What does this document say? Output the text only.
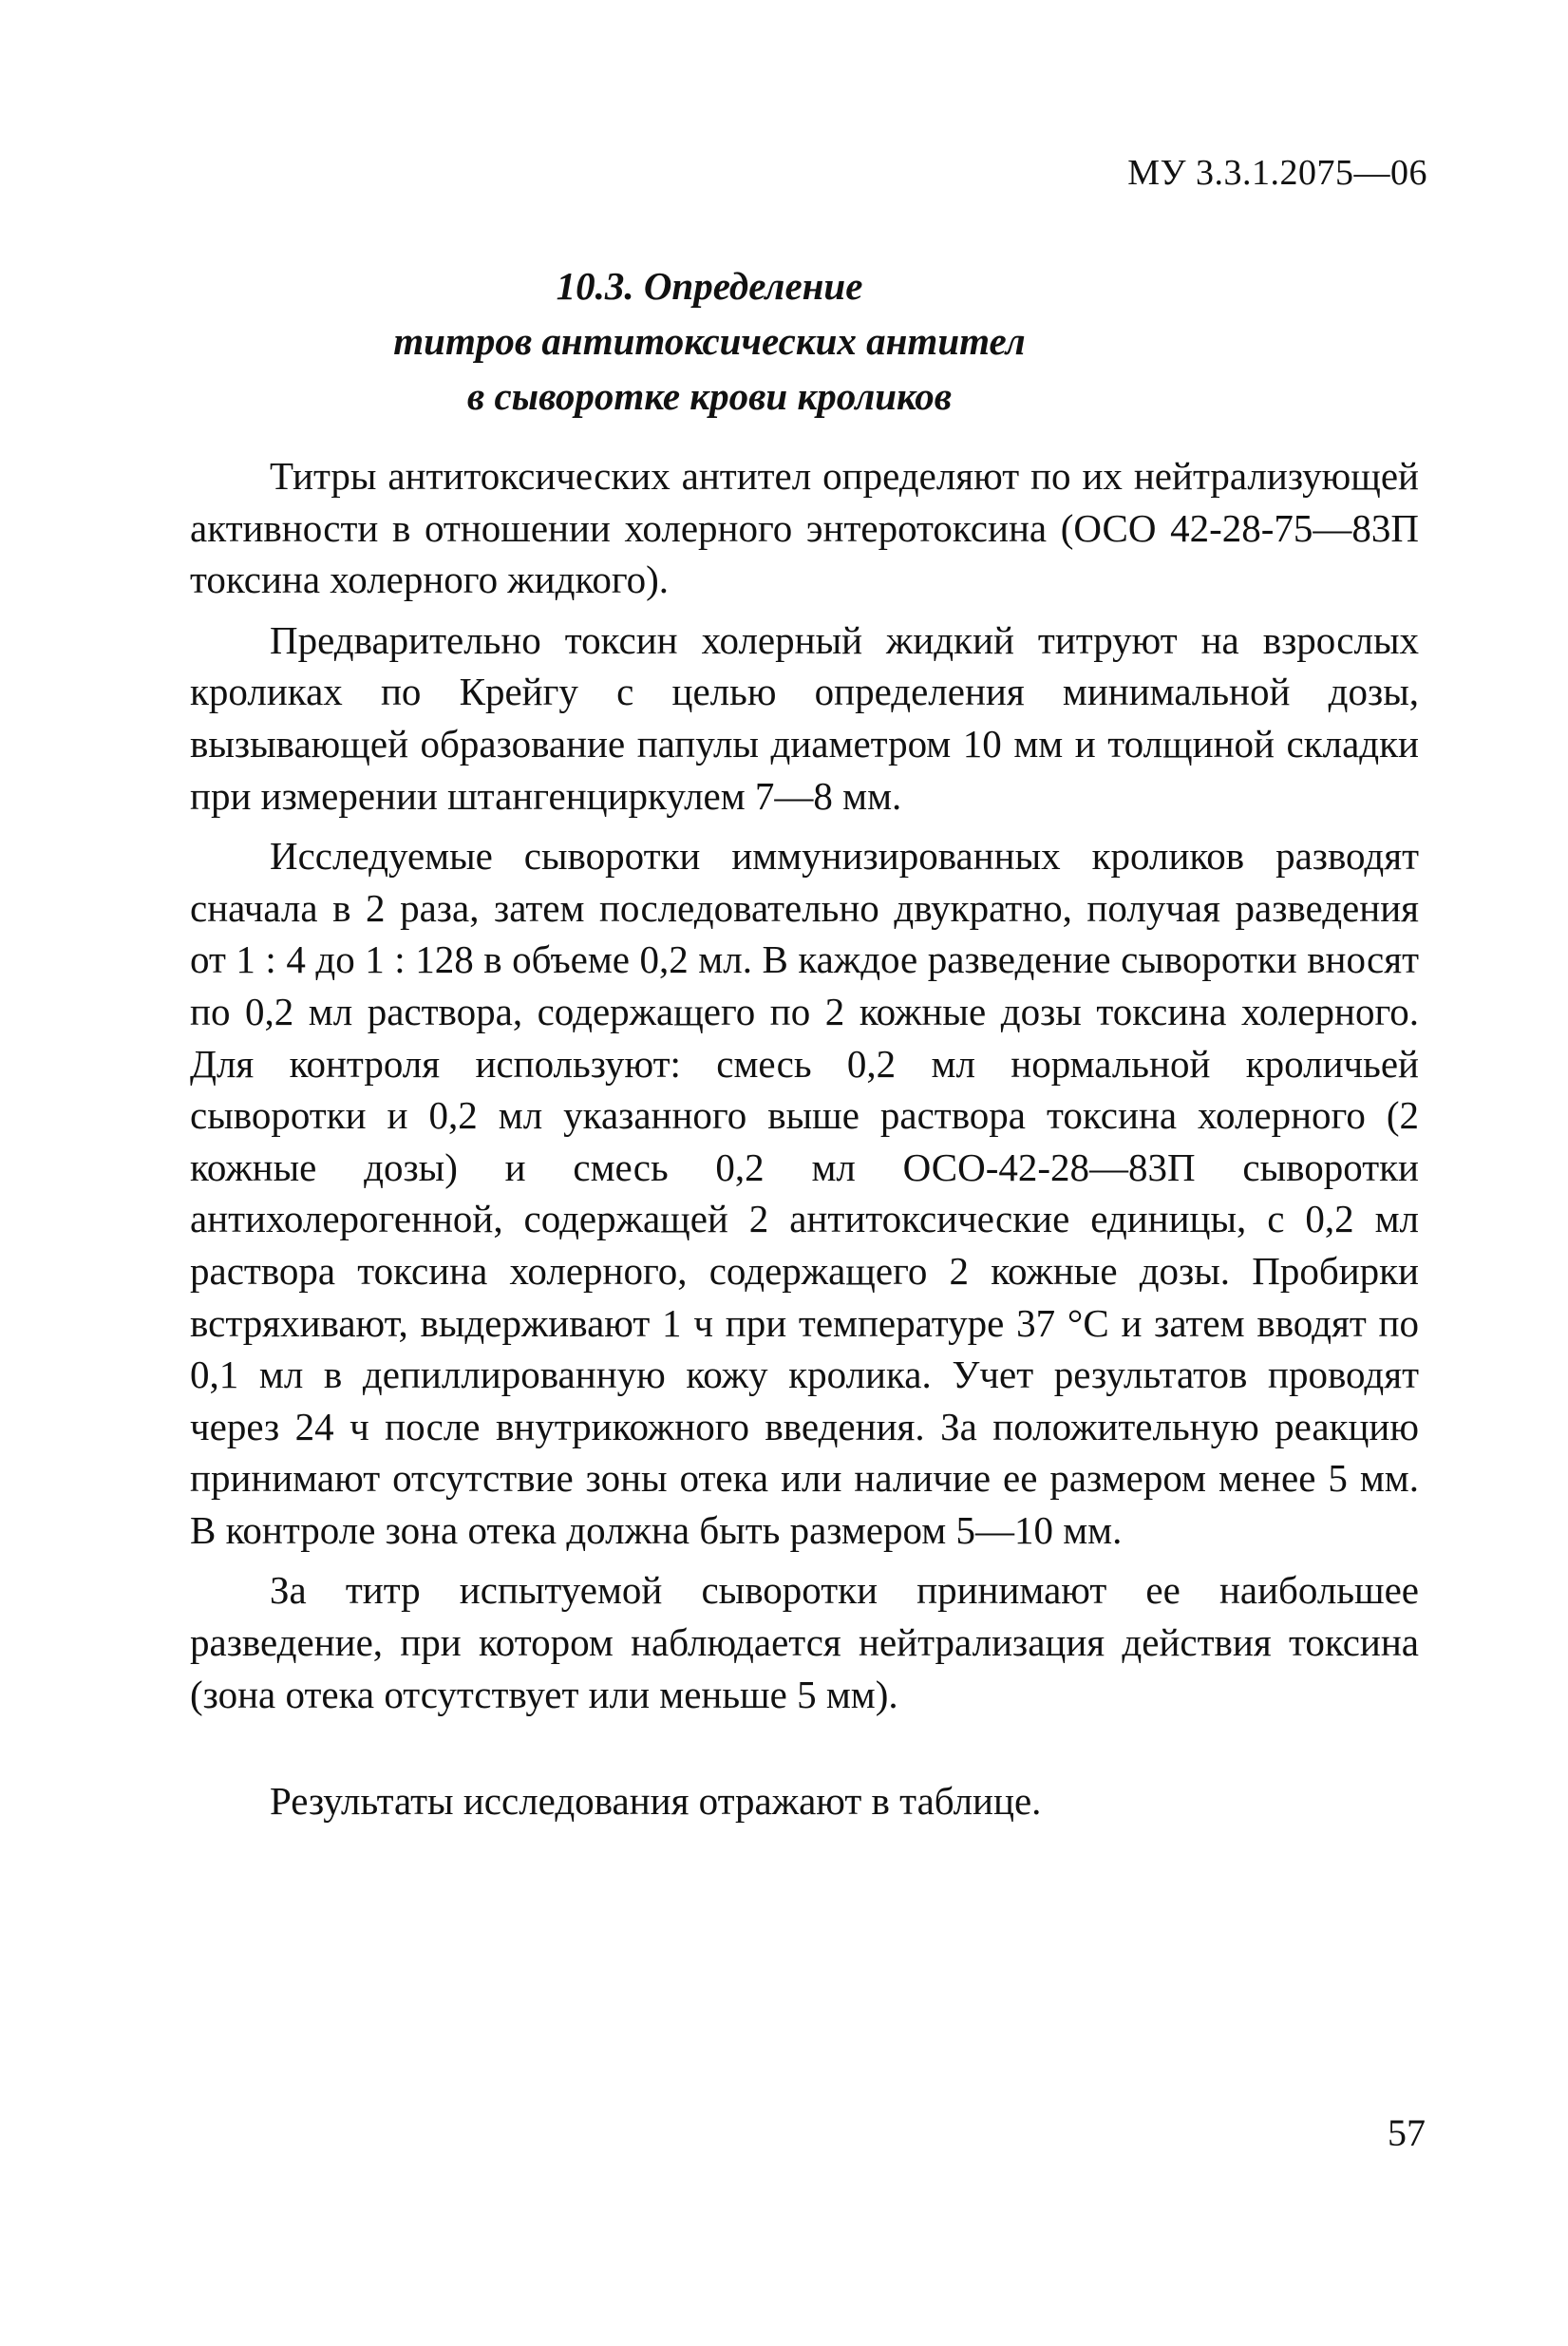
МУ 3.3.1.2075—06
10.3. Определение
титров антитоксических антител
в сыворотке крови кроликов

Титры антитоксических антител определяют по их нейтрализующей активности в отношении холерного энтеротоксина (ОСО 42-28-75—83П токсина холерного жидкого).

Предварительно токсин холерный жидкий титруют на взрослых кроликах по Крейгу с целью определения минимальной дозы, вызывающей образование папулы диаметром 10 мм и толщиной складки при измерении штангенциркулем 7—8 мм.

Исследуемые сыворотки иммунизированных кроликов разводят сначала в 2 раза, затем последовательно двукратно, получая разведения от 1 : 4 до 1 : 128 в объеме 0,2 мл. В каждое разведение сыворотки вносят по 0,2 мл раствора, содержащего по 2 кожные дозы токсина холерного. Для контроля используют: смесь 0,2 мл нормальной кроличьей сыворотки и 0,2 мл указанного выше раствора токсина холерного (2 кожные дозы) и смесь 0,2 мл ОСО-42-28—83П сыворотки антихолерогенной, содержащей 2 антитоксические единицы, с 0,2 мл раствора токсина холерного, содержащего 2 кожные дозы. Пробирки встряхивают, выдерживают 1 ч при температуре 37 °С и затем вводят по 0,1 мл в депиллированную кожу кролика. Учет результатов проводят через 24 ч после внутрикожного введения. За положительную реакцию принимают отсутствие зоны отека или наличие ее размером менее 5 мм. В контроле зона отека должна быть размером 5—10 мм.

За титр испытуемой сыворотки принимают ее наибольшее разведение, при котором наблюдается нейтрализация действия токсина (зона отека отсутствует или меньше 5 мм).

Результаты исследования отражают в таблице.

57
